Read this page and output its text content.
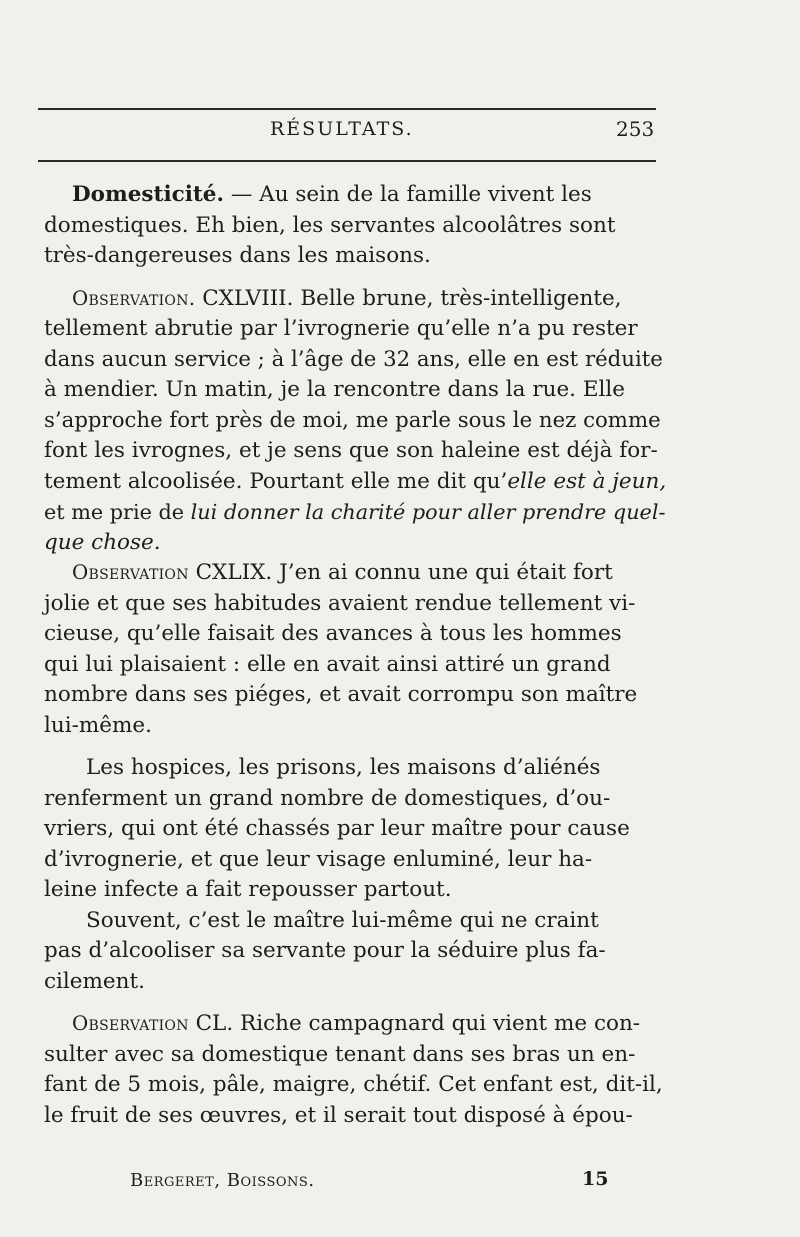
RÉSULTATS.	253
Domesticité. — Au sein de la famille vivent les
domestiques. Eh bien, les servantes alcoolâtres sont
très-dangereuses dans les maisons.
Observation. CXLVIII. Belle brune, très-intelligente,
tellement abrutie par l’ivrognerie qu’elle n’a pu rester
dans aucun service ; à l’âge de 32 ans, elle en est réduite
à mendier. Un matin, je la rencontre dans la rue. Elle
s’approche fort près de moi, me parle sous le nez comme
font les ivrognes, et je sens que son haleine est déjà for-
tement alcoolisée. Pourtant elle me dit qu’elle est à jeun,
et me prie de lui donner la charité pour aller prendre quel-
que chose.
Observation CXLIX. J’en ai connu une qui était fort
jolie et que ses habitudes avaient rendue tellement vi-
cieuse, qu’elle faisait des avances à tous les hommes
qui lui plaisaient : elle en avait ainsi attiré un grand
nombre dans ses piéges, et avait corrompu son maître
lui-même.
Les hospices, les prisons, les maisons d’aliénés
renferment un grand nombre de domestiques, d’ou-
vriers, qui ont été chassés par leur maître pour cause
d’ivrognerie, et que leur visage enluminé, leur ha-
leine infecte a fait repousser partout.
Souvent, c’est le maître lui-même qui ne craint
pas d’alcooliser sa servante pour la séduire plus fa-
cilement.
Observation CL. Riche campagnard qui vient me con-
sulter avec sa domestique tenant dans ses bras un en-
fant de 5 mois, pâle, maigre, chétif. Cet enfant est, dit-il,
le fruit de ses œuvres, et il serait tout disposé à épou-
Bergeret, Boissons.	15
